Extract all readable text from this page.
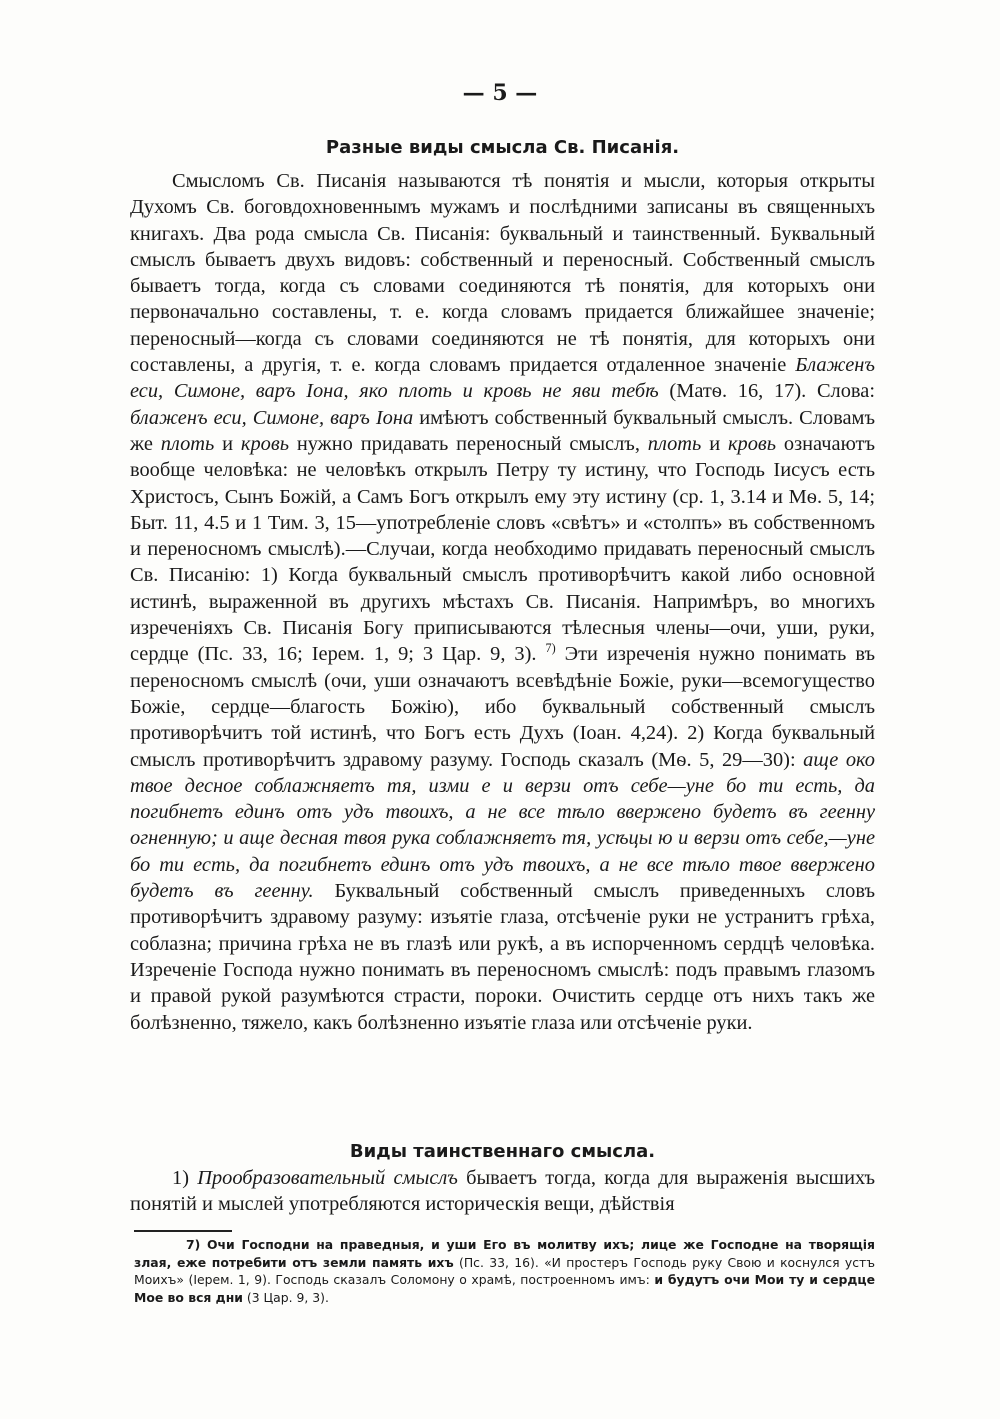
— 5 —
Разные виды смысла Св. Писанія.

Смысломъ Св. Писанія называются тѣ понятія и мысли, которыя открыты Духомъ Св. боговдохновеннымъ мужамъ и послѣдними записаны въ священныхъ книгахъ. Два рода смысла Св. Писанія: буквальный и таинственный. Буквальный смыслъ бываетъ двухъ видовъ: собственный и переносный. Собственный смыслъ бываетъ тогда, когда съ словами соединяются тѣ понятія, для которыхъ они первоначально составлены, т. е. когда словамъ придается ближайшее значеніе; переносный—когда съ словами соединяются не тѣ понятія, для которыхъ они составлены, а другія, т. е. когда словамъ придается отдаленное значеніе Блаженъ еси, Симоне, варъ Іона, яко плоть и кровь не яви тебѣ (Матѳ. 16, 17). Слова: блаженъ еси, Симоне, варъ Іона имѣютъ собственный буквальный смыслъ. Словамъ же плоть и кровь нужно придавать переносный смыслъ, плоть и кровь означаютъ вообще человѣка: не человѣкъ открылъ Петру ту истину, что Господь Іисусъ есть Христосъ, Сынъ Божій, а Самъ Богъ открылъ ему эту истину (ср. 1, 3.14 и Мѳ. 5, 14; Быт. 11, 4.5 и 1 Тим. 3, 15—употребленіе словъ «свѣтъ» и «столпъ» въ собственномъ и переносномъ смыслѣ).—Случаи, когда необходимо придавать переносный смыслъ Св. Писанію: 1) Когда буквальный смыслъ противорѣчитъ какой либо основной истинѣ, выраженной въ другихъ мѣстахъ Св. Писанія. Напримѣръ, во многихъ изреченіяхъ Св. Писанія Богу приписываются тѣлесныя члены—очи, уши, руки, сердце (Пс. 33, 16; Іерем. 1, 9; 3 Цар. 9, 3). $^{7)}$ Эти изреченія нужно понимать въ переносномъ смыслѣ (очи, уши означаютъ всевѣдѣніе Божіе, руки—всемогущество Божіе, сердце—благость Божію), ибо буквальный собственный смыслъ противорѣчитъ той истинѣ, что Богъ есть Духъ (Іоан. 4,24). 2) Когда буквальный смыслъ противорѣчитъ здравому разуму. Господь сказалъ (Мѳ. 5, 29—30): аще око твое десное соблажняетъ тя, изми е и верзи отъ себе—уне бо ти есть, да погибнетъ единъ отъ удъ твоихъ, а не все тѣло ввержено будетъ въ геенну огненную; и аще десная твоя рука соблажняетъ тя, усѣцы ю и верзи отъ себе,—уне бо ти есть, да погибнетъ единъ отъ удъ твоихъ, а не все тѣло твое ввержено будетъ въ геенну. Буквальный собственный смыслъ приведенныхъ словъ противорѣчитъ здравому разуму: изъятіе глаза, отсѣченіе руки не устранитъ грѣха, соблазна; причина грѣха не въ глазѣ или рукѣ, а въ испорченномъ сердцѣ человѣка. Изреченіе Господа нужно понимать въ переносномъ смыслѣ: подъ правымъ глазомъ и правой рукой разумѣются страсти, пороки. Очистить сердце отъ нихъ такъ же болѣзненно, тяжело, какъ болѣзненно изъятіе глаза или отсѣченіе руки.

Виды таинственнаго смысла.

1) Прообразовательный смыслъ бываетъ тогда, когда для выраженія высшихъ понятій и мыслей употребляются историческія вещи, дѣйствія

7) Очи Господни на праведныя, и уши Его въ молитву ихъ; лице же Господне на творящія злая, еже потребити отъ земли память ихъ (Пс. 33, 16). «И простеръ Господь руку Свою и коснулся устъ Моихъ» (Іерем. 1, 9). Господь сказалъ Соломону о храмѣ, построенномъ имъ: и будутъ очи Мои ту и сердце Мое во вся дни (3 Цар. 9, 3).
